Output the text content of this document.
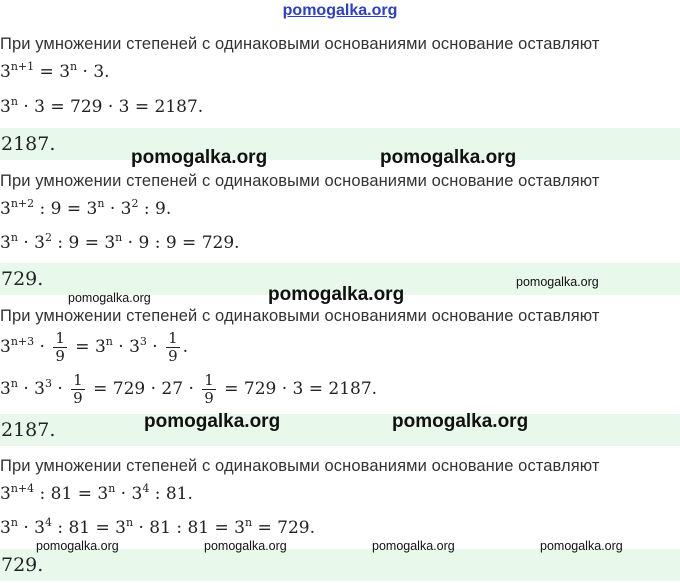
pomogalka.org
При умножении степеней с одинаковыми основаниями основание оставляют
$3^{n+1} = 3^n \cdot 3$.
$3^n \cdot 3 = 729 \cdot 3 = 2187$.
2187.
При умножении степеней с одинаковыми основаниями основание оставляют
$3^{n+2}$ : $9 = 3^n \cdot 3^2$ : 9.
$3^n \cdot 3^2$ : $9 = 3^n \cdot 9$ : 9 = 729.
729.
При умножении степеней с одинаковыми основаниями основание оставляют
$3^{n+3} \cdot \frac{1}{9} = 3^n \cdot 3^3 \cdot \frac{1}{9}$ .
$3^n \cdot 3^3 \cdot \frac{1}{9} = 729 \cdot 27 \cdot \frac{1}{9} = 729 \cdot 3 = 2187$.
2187.
При умножении степеней с одинаковыми основаниями основание оставляют
$3^{n+4}$ : $81 = 3^n \cdot 3^4$ : 81.
$3^n \cdot 3^4$ : $81 = 3^n \cdot 81$ : $81 = 3^n = 729$.
729.
pomogalka.org	pomogalka.org
pomogalka.org
pomogalka.org
pomogalka.org
pomogalka.org	pomogalka.org
pomogalka.org	pomogalka.org	pomogalka.org	pomogalka.org
